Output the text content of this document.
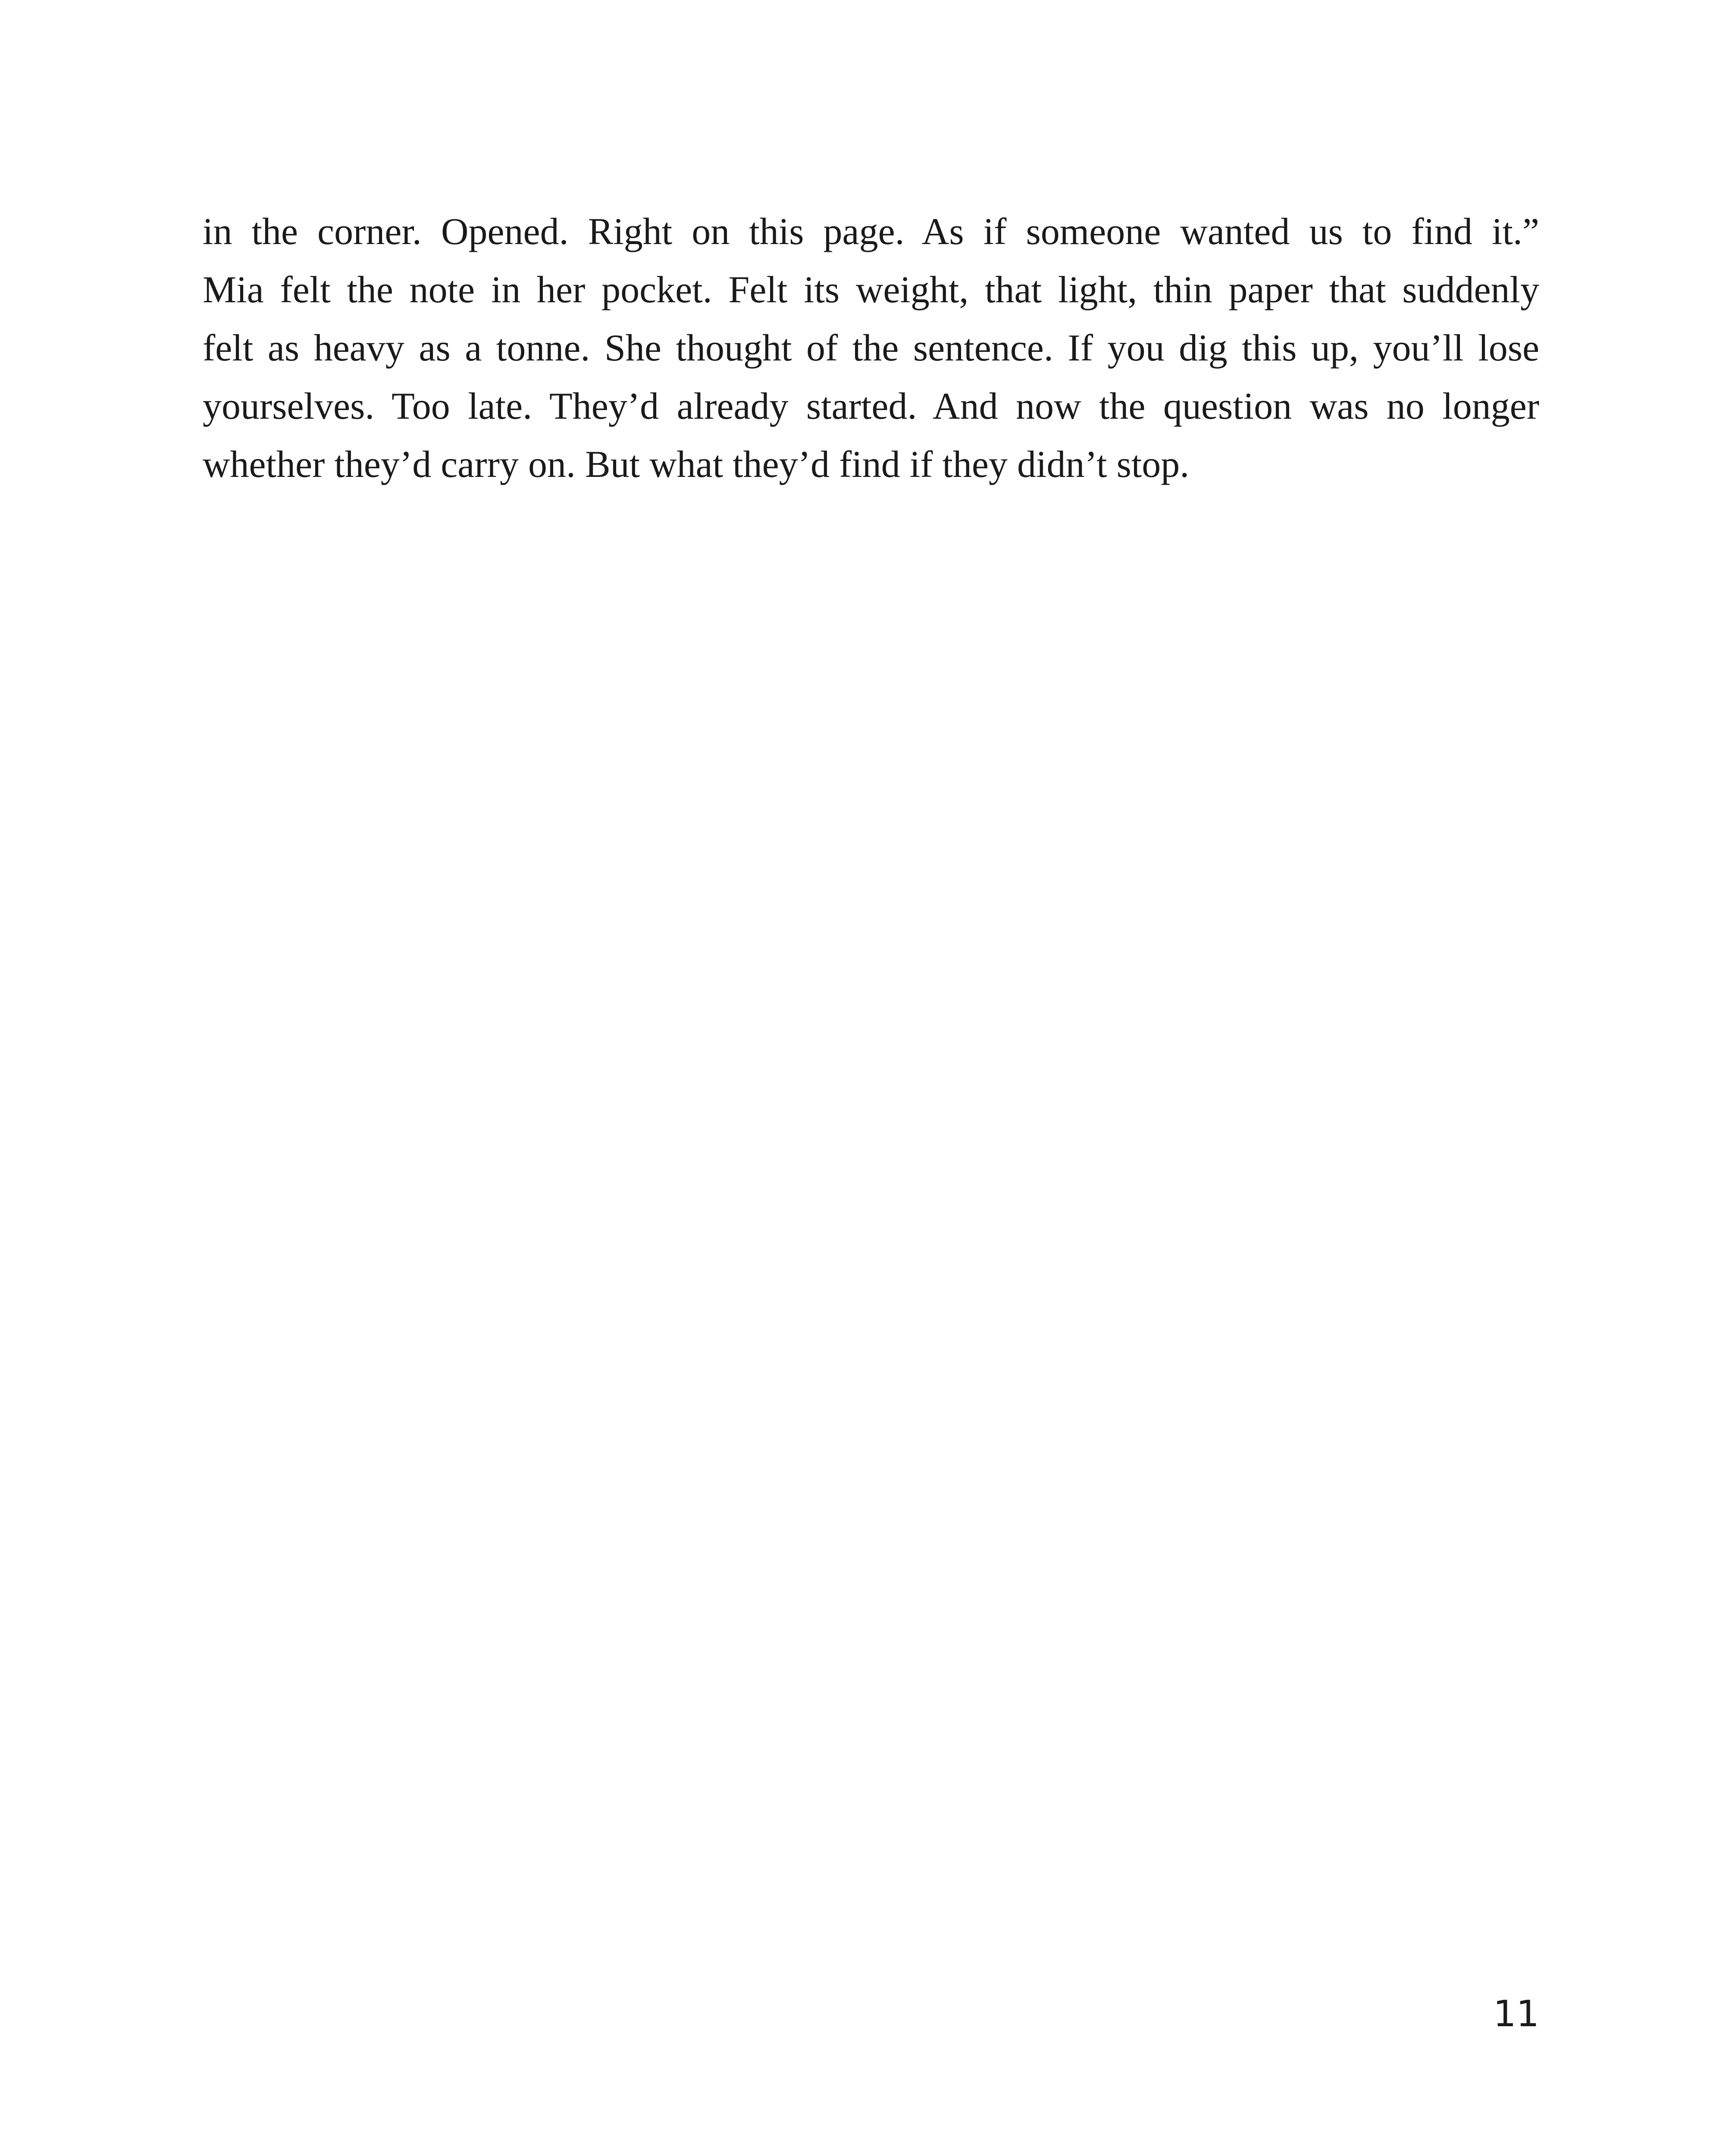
in the corner. Opened. Right on this page. As if someone wanted us to find it.”
Mia felt the note in her pocket. Felt its weight, that light, thin paper that suddenly
felt as heavy as a tonne. She thought of the sentence. If you dig this up, you’ll lose
yourselves. Too late. They’d already started. And now the question was no longer
whether they’d carry on. But what they’d find if they didn’t stop.
11
